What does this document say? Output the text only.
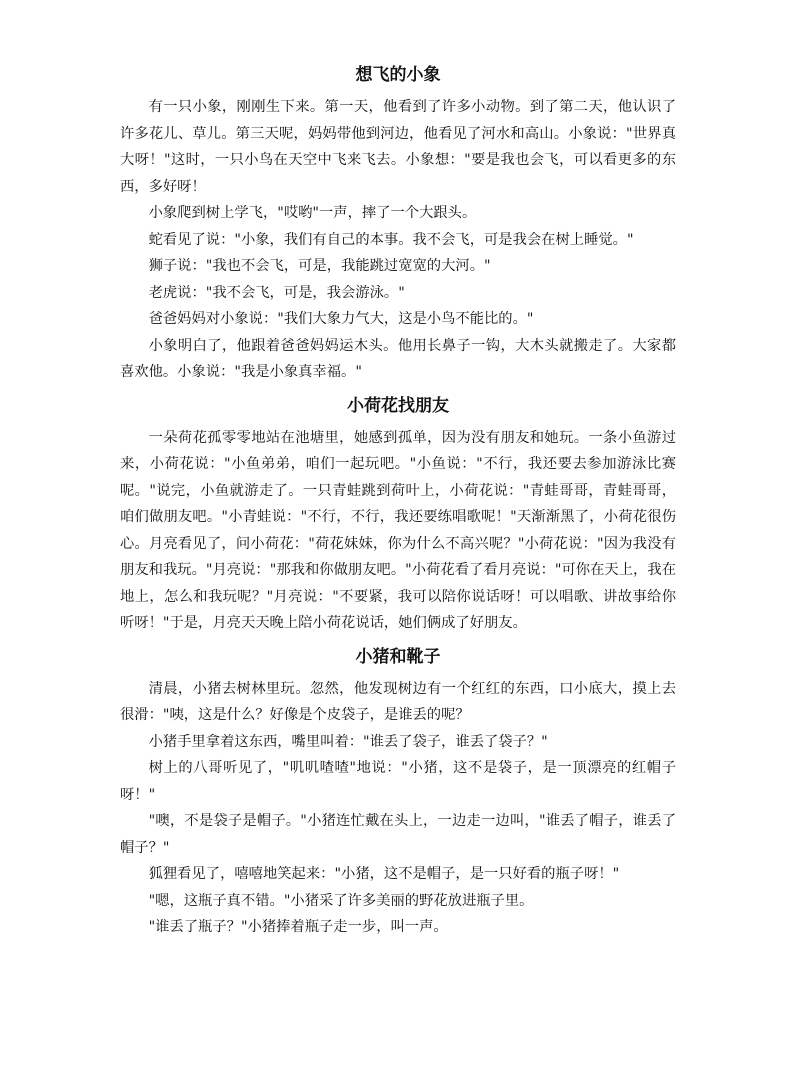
想飞的小象

有一只小象，刚刚生下来。第一天，他看到了许多小动物。到了第二天，他认识了许多花儿、草儿。第三天呢，妈妈带他到河边，他看见了河水和高山。小象说："世界真大呀！"这时，一只小鸟在天空中飞来飞去。小象想："要是我也会飞，可以看更多的东西，多好呀！

小象爬到树上学飞，"哎哟"一声，摔了一个大跟头。

蛇看见了说："小象，我们有自己的本事。我不会飞，可是我会在树上睡觉。"

狮子说："我也不会飞，可是，我能跳过宽宽的大河。"

老虎说："我不会飞，可是，我会游泳。"

爸爸妈妈对小象说："我们大象力气大，这是小鸟不能比的。"

小象明白了，他跟着爸爸妈妈运木头。他用长鼻子一钩，大木头就搬走了。大家都喜欢他。小象说："我是小象真幸福。"

小荷花找朋友

一朵荷花孤零零地站在池塘里，她感到孤单，因为没有朋友和她玩。一条小鱼游过来，小荷花说："小鱼弟弟，咱们一起玩吧。"小鱼说："不行，我还要去参加游泳比赛呢。"说完，小鱼就游走了。一只青蛙跳到荷叶上，小荷花说："青蛙哥哥，青蛙哥哥，咱们做朋友吧。"小青蛙说："不行，不行，我还要练唱歌呢！"天渐渐黑了，小荷花很伤心。月亮看见了，问小荷花："荷花妹妹，你为什么不高兴呢？"小荷花说："因为我没有朋友和我玩。"月亮说："那我和你做朋友吧。"小荷花看了看月亮说："可你在天上，我在地上，怎么和我玩呢？"月亮说："不要紧，我可以陪你说话呀！可以唱歌、讲故事给你听呀！"于是，月亮天天晚上陪小荷花说话，她们俩成了好朋友。

小猪和靴子

清晨，小猪去树林里玩。忽然，他发现树边有一个红红的东西，口小底大，摸上去很滑："咦，这是什么？好像是个皮袋子，是谁丢的呢？

小猪手里拿着这东西，嘴里叫着："谁丢了袋子，谁丢了袋子？"

树上的八哥听见了，"叽叽喳喳"地说："小猪，这不是袋子，是一顶漂亮的红帽子呀！"

"噢，不是袋子是帽子。"小猪连忙戴在头上，一边走一边叫，"谁丢了帽子，谁丢了帽子？"

狐狸看见了，嘻嘻地笑起来："小猪，这不是帽子，是一只好看的瓶子呀！"

"嗯，这瓶子真不错。"小猪采了许多美丽的野花放进瓶子里。

"谁丢了瓶子？"小猪捧着瓶子走一步，叫一声。
